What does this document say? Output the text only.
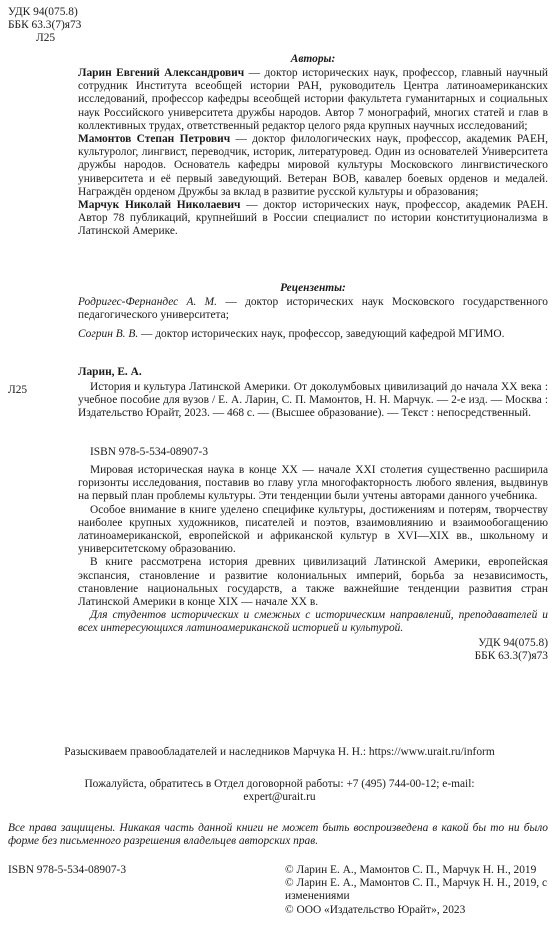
УДК 94(075.8)
ББК 63.3(7)я73
Л25
Авторы:

Ларин Евгений Александрович — доктор исторических наук, профессор, главный научный сотрудник Института всеобщей истории РАН, руководитель Центра латиноамериканских исследований, профессор кафедры всеобщей истории факультета гуманитарных и социальных наук Российского университета дружбы народов. Автор 7 монографий, многих статей и глав в коллективных трудах, ответственный редактор целого ряда крупных научных исследований;

Мамонтов Степан Петрович — доктор филологических наук, профессор, академик РАЕН, культуролог, лингвист, переводчик, историк, литературовед. Один из основателей Университета дружбы народов. Основатель кафедры мировой культуры Московского лингвистического университета и её первый заведующий. Ветеран ВОВ, кавалер боевых орденов и медалей. Награждён орденом Дружбы за вклад в развитие русской культуры и образования;

Марчук Николай Николаевич — доктор исторических наук, профессор, академик РАЕН. Автор 78 публикаций, крупнейший в России специалист по истории конституционализма в Латинской Америке.

Рецензенты:

Родригес-Фернандес А. М. — доктор исторических наук Московского государственного педагогического университета;

Согрин В. В. — доктор исторических наук, профессор, заведующий кафедрой МГИМО.

Л25
Ларин, Е. А.
История и культура Латинской Америки. От доколумбовых цивилизаций до начала XX века : учебное пособие для вузов / Е. А. Ларин, С. П. Мамонтов, Н. Н. Марчук. — 2-е изд. — Москва : Издательство Юрайт, 2023. — 468 с. — (Высшее образование). — Текст : непосредственный.
ISBN 978-5-534-08907-3

Мировая историческая наука в конце XX — начале XXI столетия существенно расширила горизонты исследования, поставив во главу угла многофакторность любого явления, выдвинув на первый план проблемы культуры. Эти тенденции были учтены авторами данного учебника.

Особое внимание в книге уделено специфике культуры, достижениям и потерям, творчеству наиболее крупных художников, писателей и поэтов, взаимовлиянию и взаимообогащению латиноамериканской, европейской и африканской культур в XVI—XIX вв., школьному и университетскому образованию.

В книге рассмотрена история древних цивилизаций Латинской Америки, европейская экспансия, становление и развитие колониальных империй, борьба за независимость, становление национальных государств, а также важнейшие тенденции развития стран Латинской Америки в конце XIX — начале XX в.

Для студентов исторических и смежных с историческим направлений, преподавателей и всех интересующихся латиноамериканской историей и культурой.

УДК 94(075.8)
ББК 63.3(7)я73
Разыскиваем правообладателей и наследников Марчука Н. Н.: https://www.urait.ru/inform
Пожалуйста, обратитесь в Отдел договорной работы: +7 (495) 744-00-12; e-mail:
expert@urait.ru
Все права защищены. Никакая часть данной книги не может быть воспроизведена в какой бы то ни было форме без письменного разрешения владельцев авторских прав.
ISBN 978-5-534-08907-3	© Ларин Е. А., Мамонтов С. П., Марчук Н. Н., 2019
© Ларин Е. А., Мамонтов С. П., Марчук Н. Н., 2019, с изменениями
© ООО «Издательство Юрайт», 2023
